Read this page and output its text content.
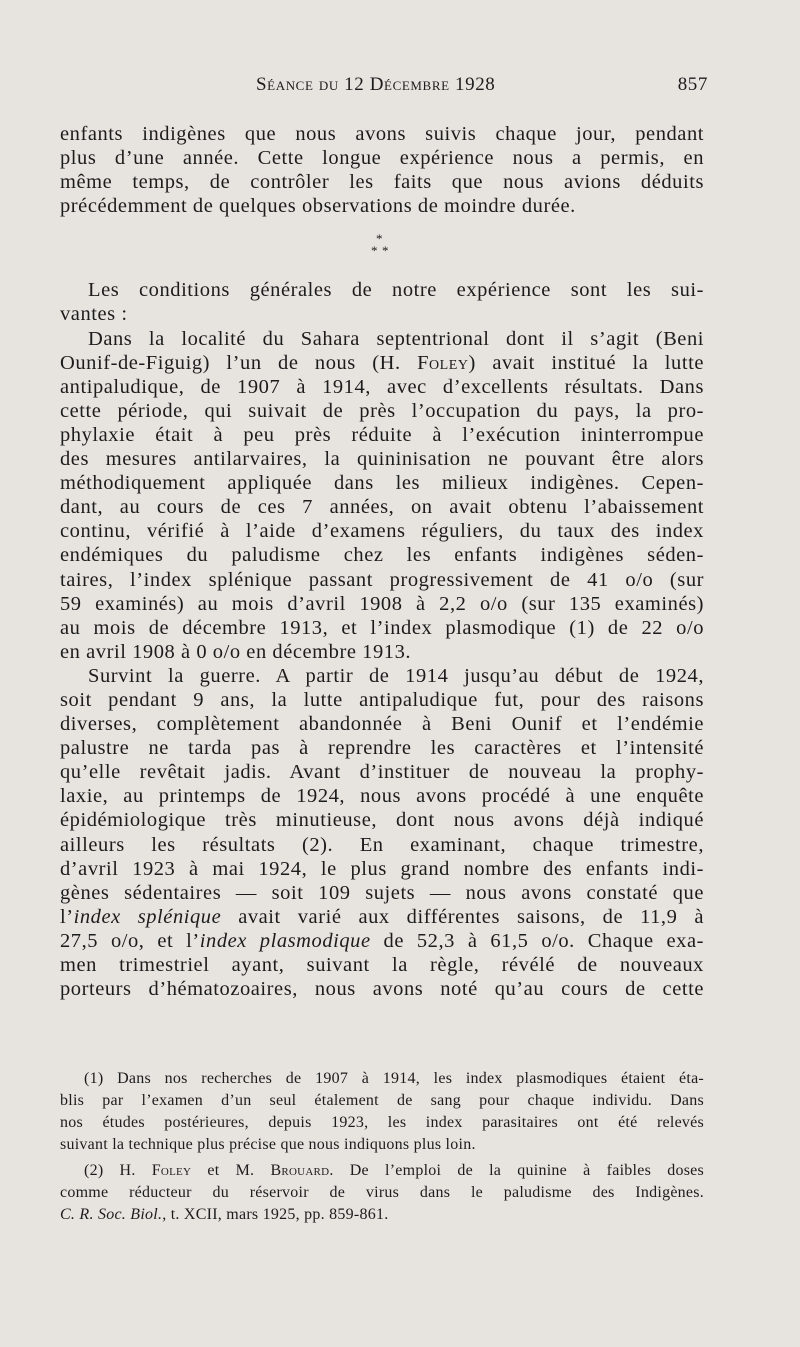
Séance du 12 Décembre 1928	857
enfants indigènes que nous avons suivis chaque jour, pendant
plus d’une année. Cette longue expérience nous a permis, en
même temps, de contrôler les faits que nous avions déduits
précédemment de quelques observations de moindre durée.
*
* *
Les conditions générales de notre expérience sont les sui-
vantes :
Dans la localité du Sahara septentrional dont il s’agit (Beni
Ounif-de-Figuig) l’un de nous (H. Foley) avait institué la lutte
antipaludique, de 1907 à 1914, avec d’excellents résultats. Dans
cette période, qui suivait de près l’occupation du pays, la pro-
phylaxie était à peu près réduite à l’exécution ininterrompue
des mesures antilarvaires, la quininisation ne pouvant être alors
méthodiquement appliquée dans les milieux indigènes. Cepen-
dant, au cours de ces 7 années, on avait obtenu l’abaissement
continu, vérifié à l’aide d’examens réguliers, du taux des index
endémiques du paludisme chez les enfants indigènes séden-
taires, l’index splénique passant progressivement de 41 o/o (sur
59 examinés) au mois d’avril 1908 à 2,2 o/o (sur 135 examinés)
au mois de décembre 1913, et l’index plasmodique (1) de 22 o/o
en avril 1908 à 0 o/o en décembre 1913.
Survint la guerre. A partir de 1914 jusqu’au début de 1924,
soit pendant 9 ans, la lutte antipaludique fut, pour des raisons
diverses, complètement abandonnée à Beni Ounif et l’endémie
palustre ne tarda pas à reprendre les caractères et l’intensité
qu’elle revêtait jadis. Avant d’instituer de nouveau la prophy-
laxie, au printemps de 1924, nous avons procédé à une enquête
épidémiologique très minutieuse, dont nous avons déjà indiqué
ailleurs les résultats (2). En examinant, chaque trimestre,
d’avril 1923 à mai 1924, le plus grand nombre des enfants indi-
gènes sédentaires — soit 109 sujets — nous avons constaté que
l’index splénique avait varié aux différentes saisons, de 11,9 à
27,5 o/o, et l’index plasmodique de 52,3 à 61,5 o/o. Chaque exa-
men trimestriel ayant, suivant la règle, révélé de nouveaux
porteurs d’hématozoaires, nous avons noté qu’au cours de cette
(1) Dans nos recherches de 1907 à 1914, les index plasmodiques étaient éta-
blis par l’examen d’un seul étalement de sang pour chaque individu. Dans
nos études postérieures, depuis 1923, les index parasitaires ont été relevés
suivant la technique plus précise que nous indiquons plus loin.
(2) H. Foley et M. Brouard. De l’emploi de la quinine à faibles doses
comme réducteur du réservoir de virus dans le paludisme des Indigènes.
C. R. Soc. Biol., t. XCII, mars 1925, pp. 859-861.
